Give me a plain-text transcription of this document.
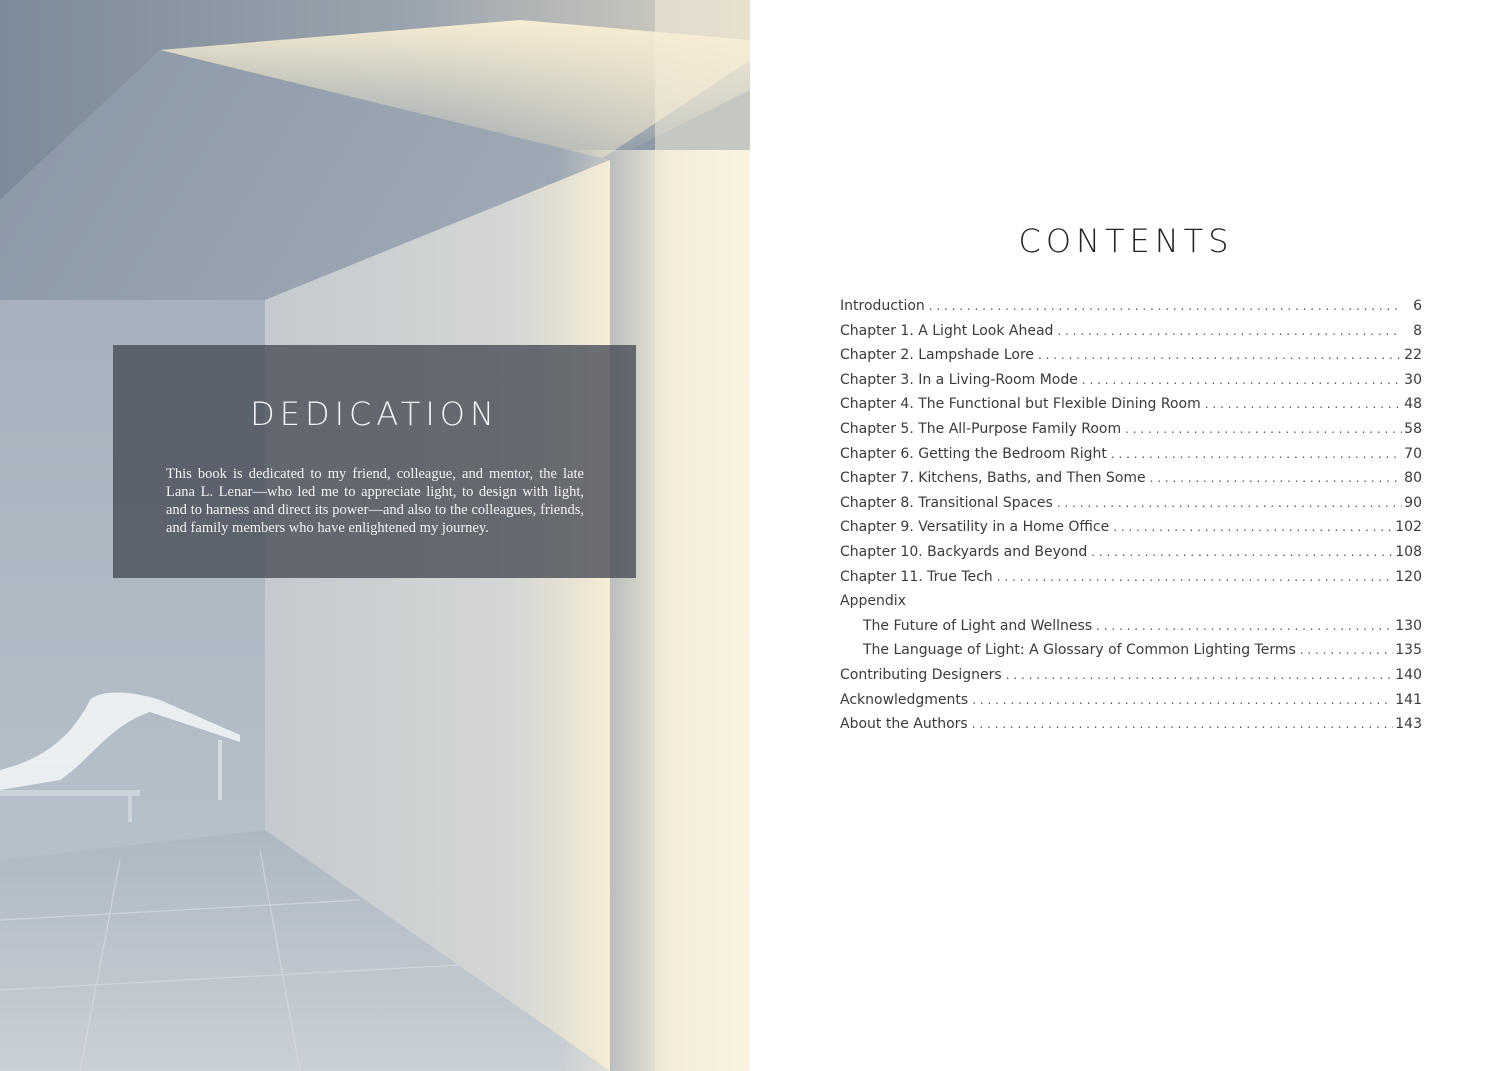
DEDICATION

This book is dedicated to my friend, colleague, and mentor, the late Lana L. Lenar—who led me to appreciate light, to design with light, and to harness and direct its power—and also to the colleagues, friends, and family members who have enlightened my journey.

CONTENTS
Introduction . . .	6
Chapter 1. A Light Look Ahead . . .	8
Chapter 2. Lampshade Lore . . .	22
Chapter 3. In a Living-Room Mode . . .	30
Chapter 4. The Functional but Flexible Dining Room . . .	48
Chapter 5. The All-Purpose Family Room . . .	58
Chapter 6. Getting the Bedroom Right . . .	70
Chapter 7. Kitchens, Baths, and Then Some . . .	80
Chapter 8. Transitional Spaces . . .	90
Chapter 9. Versatility in a Home Office . . .	102
Chapter 10. Backyards and Beyond . . .	108
Chapter 11. True Tech . . .	120
Appendix
The Future of Light and Wellness . . .	130
The Language of Light: A Glossary of Common Lighting Terms . . .	135
Contributing Designers . . .	140
Acknowledgments . . .	141
About the Authors . . .	143
